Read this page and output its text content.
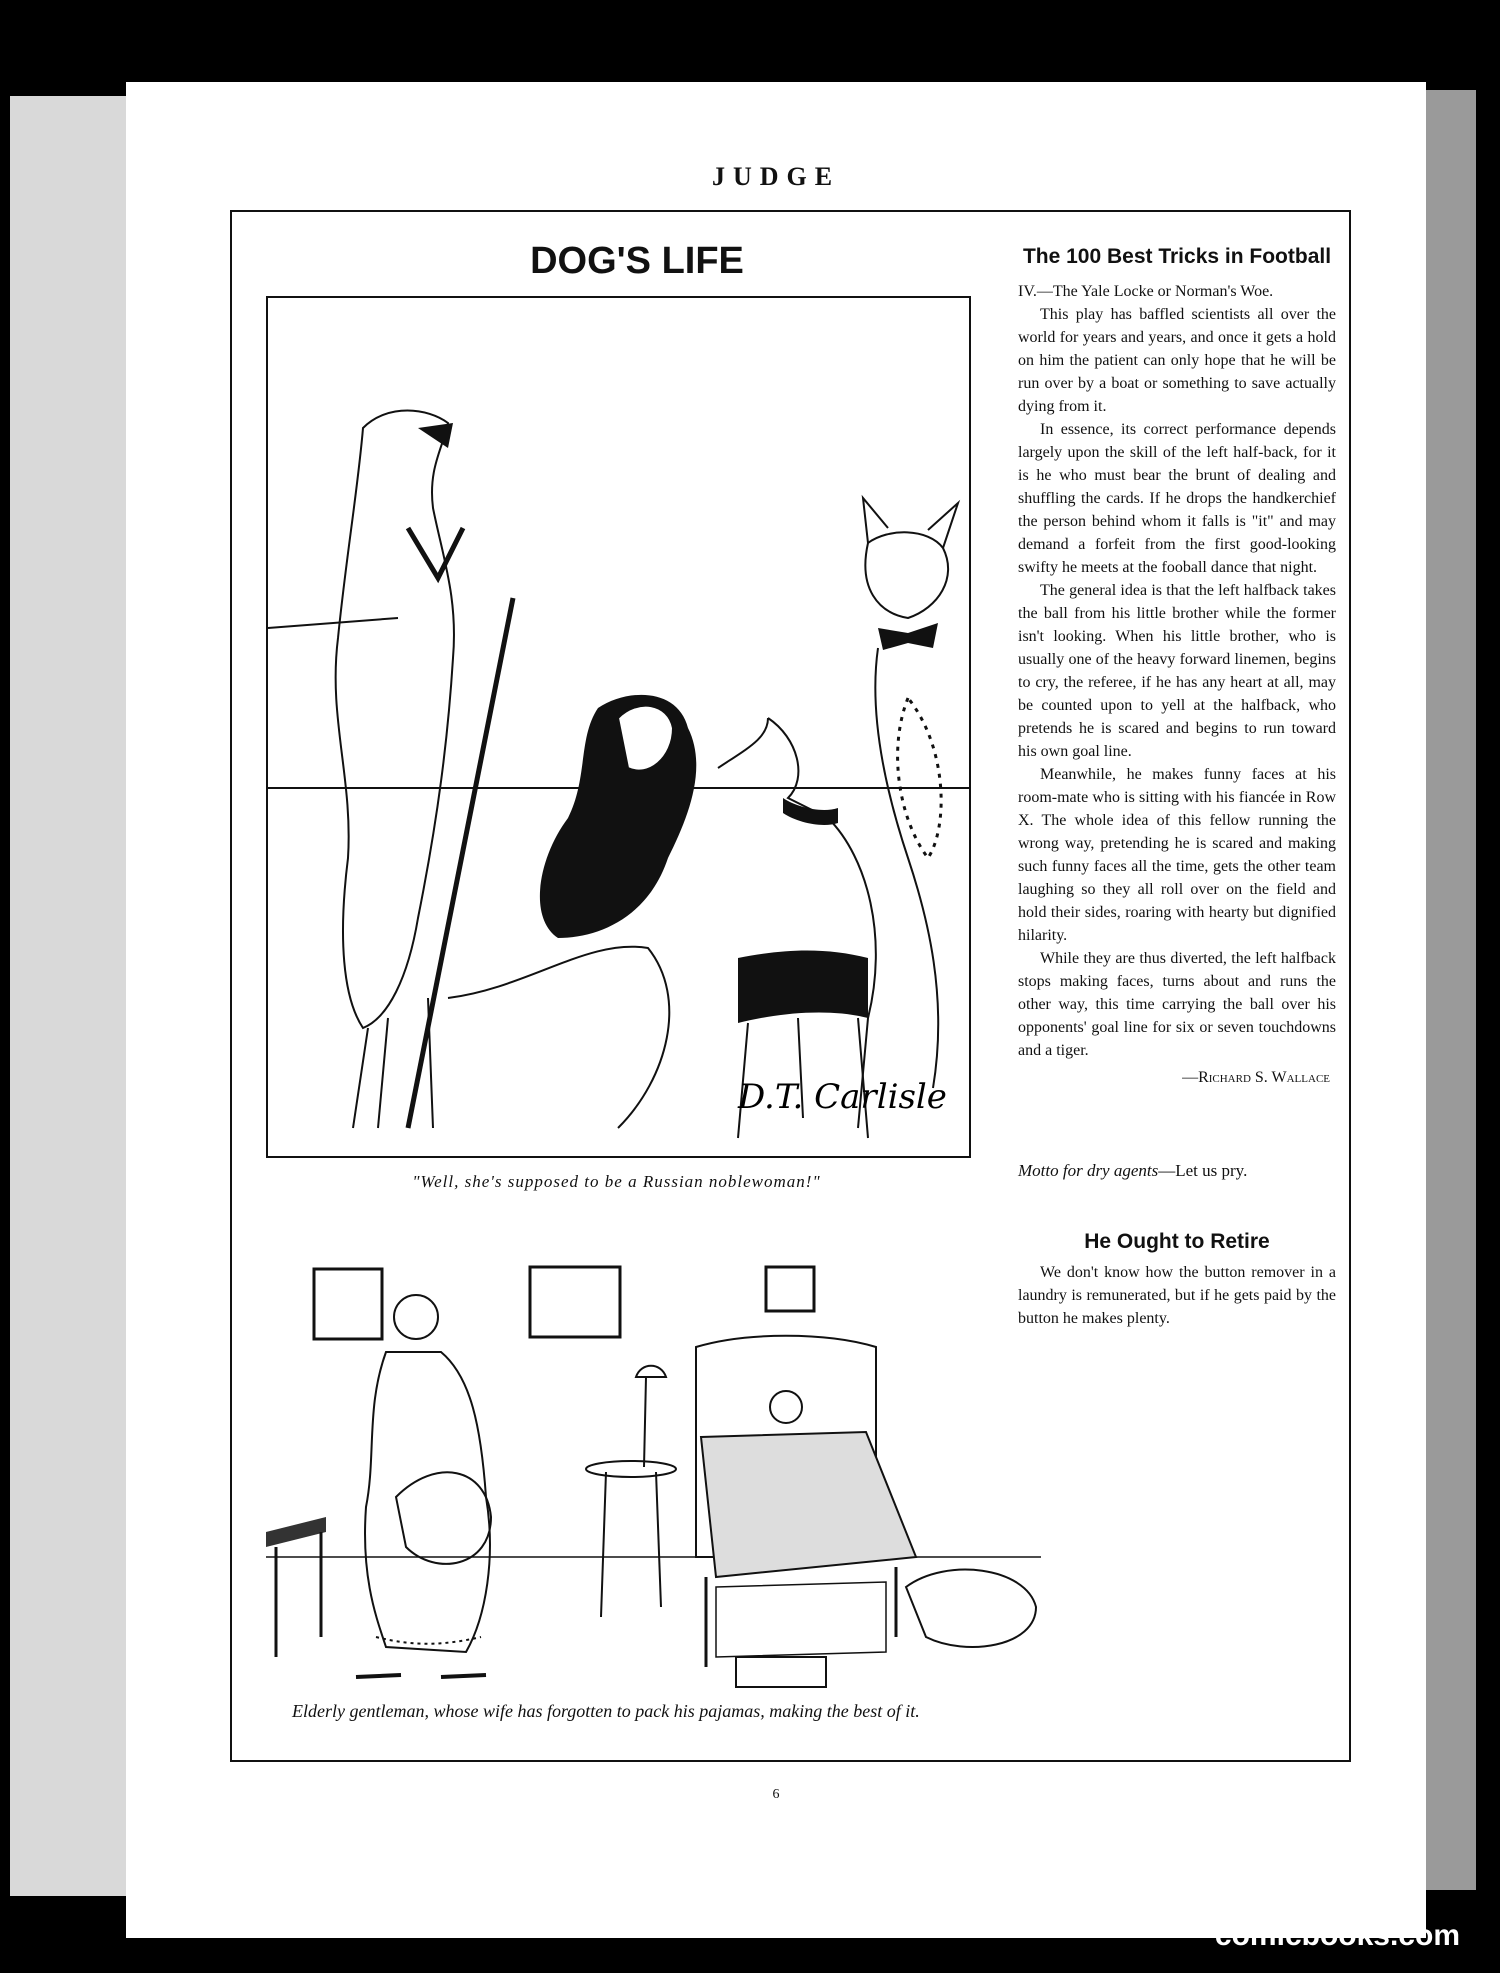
JUDGE
DOG'S LIFE
D.T. Carlisle
"Well, she's supposed to be a Russian noblewoman!"
Elderly gentleman, whose wife has forgotten to pack his pajamas, making the best of it.
The 100 Best Tricks in Football

IV.—The Yale Locke or Norman's Woe.

This play has baffled scientists all over the world for years and years, and once it gets a hold on him the patient can only hope that he will be run over by a boat or something to save actually dying from it.

In essence, its correct performance depends largely upon the skill of the left half-back, for it is he who must bear the brunt of dealing and shuffling the cards. If he drops the handkerchief the person behind whom it falls is "it" and may demand a forfeit from the first good-looking swifty he meets at the fooball dance that night.

The general idea is that the left halfback takes the ball from his little brother while the former isn't looking. When his little brother, who is usually one of the heavy forward linemen, begins to cry, the referee, if he has any heart at all, may be counted upon to yell at the halfback, who pretends he is scared and begins to run toward his own goal line.

Meanwhile, he makes funny faces at his room-mate who is sitting with his fiancée in Row X. The whole idea of this fellow running the wrong way, pretending he is scared and making such funny faces all the time, gets the other team laughing so they all roll over on the field and hold their sides, roaring with hearty but dignified hilarity.

While they are thus diverted, the left halfback stops making faces, turns about and runs the other way, this time carrying the ball over his opponents' goal line for six or seven touchdowns and a tiger.

—Richard S. Wallace
Motto for dry agents—Let us pry.
He Ought to Retire

We don't know how the button remover in a laundry is remunerated, but if he gets paid by the button he makes plenty.

6
comicbooks.com
